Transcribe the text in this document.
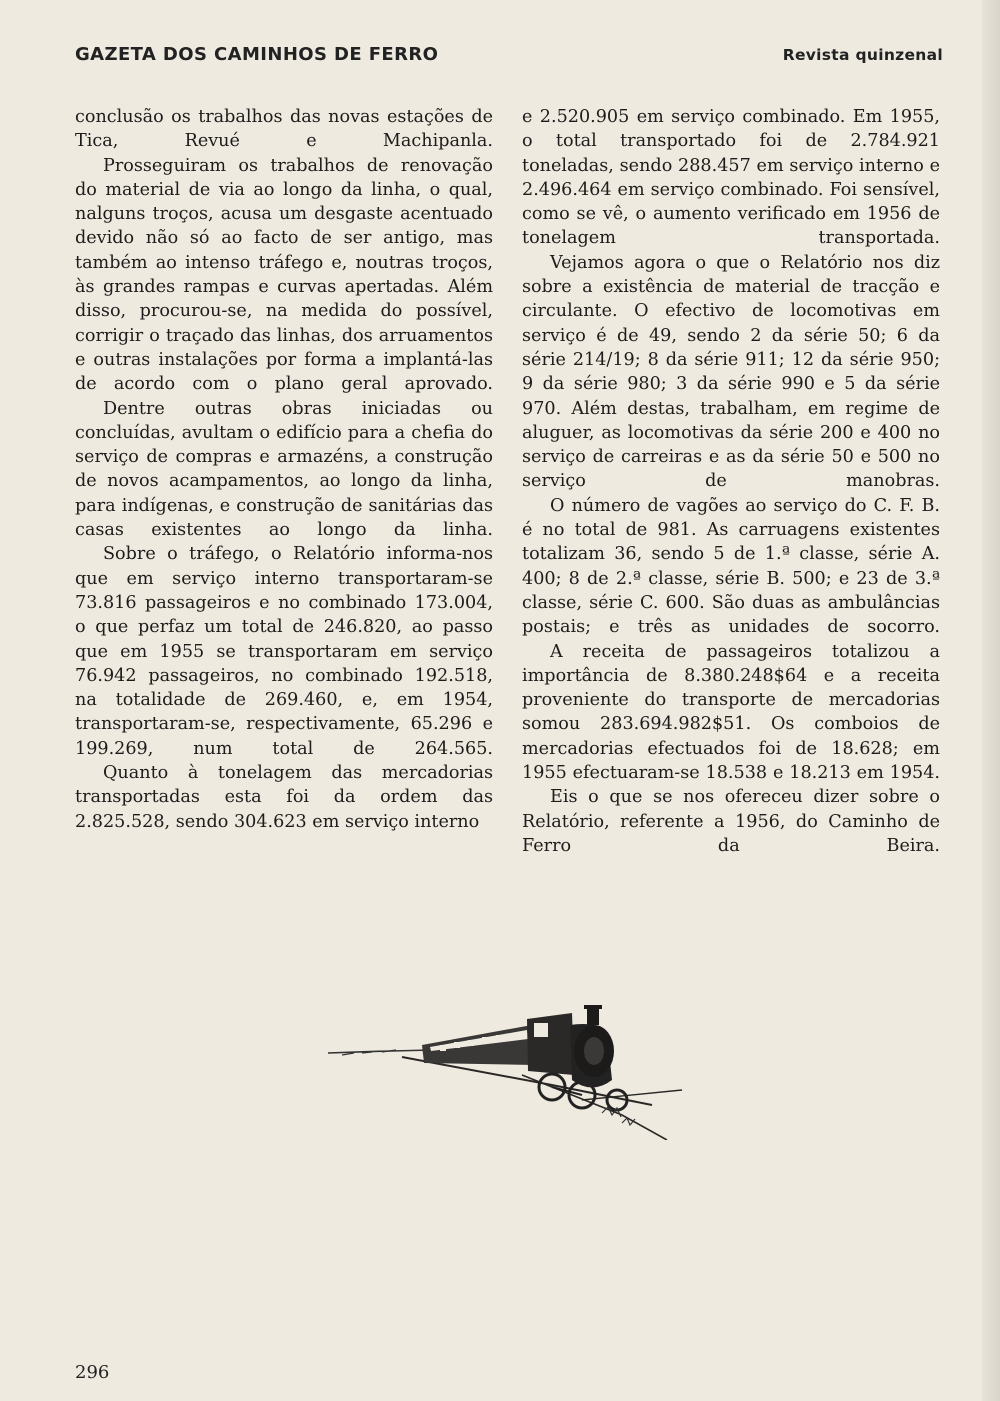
GAZETA DOS CAMINHOS DE FERRO	Revista quinzenal

conclusão os trabalhos das novas estações de Tica, Revué e Machipanla.

Prosseguiram os trabalhos de renovação do material de via ao longo da linha, o qual, nalguns troços, acusa um desgaste acentuado devido não só ao facto de ser antigo, mas também ao intenso tráfego e, noutras troços, às grandes rampas e curvas apertadas. Além disso, procurou-se, na medida do possível, corrigir o traçado das linhas, dos arruamentos e outras instalações por forma a implantá-las de acordo com o plano geral aprovado.

Dentre outras obras iniciadas ou concluídas, avultam o edifício para a chefia do serviço de compras e armazéns, a construção de novos acampamentos, ao longo da linha, para indígenas, e construção de sanitárias das casas existentes ao longo da linha.

Sobre o tráfego, o Relatório informa-nos que em serviço interno transportaram-se 73.816 passageiros e no combinado 173.004, o que perfaz um total de 246.820, ao passo que em 1955 se transportaram em serviço 76.942 passageiros, no combinado 192.518, na totalidade de 269.460, e, em 1954, transportaram-se, respectivamente, 65.296 e 199.269, num total de 264.565.

Quanto à tonelagem das mercadorias transportadas esta foi da ordem das 2.825.528, sendo 304.623 em serviço interno

e 2.520.905 em serviço combinado. Em 1955, o total transportado foi de 2.784.921 toneladas, sendo 288.457 em serviço interno e 2.496.464 em serviço combinado. Foi sensível, como se vê, o aumento verificado em 1956 de tonelagem transportada.

Vejamos agora o que o Relatório nos diz sobre a existência de material de tracção e circulante. O efectivo de locomotivas em serviço é de 49, sendo 2 da série 50; 6 da série 214/19; 8 da série 911; 12 da série 950; 9 da série 980; 3 da série 990 e 5 da série 970. Além destas, trabalham, em regime de aluguer, as locomotivas da série 200 e 400 no serviço de carreiras e as da série 50 e 500 no serviço de manobras.

O número de vagões ao serviço do C. F. B. é no total de 981. As carruagens existentes totalizam 36, sendo 5 de 1.ª classe, série A. 400; 8 de 2.ª classe, série B. 500; e 23 de 3.ª classe, série C. 600. São duas as ambulâncias postais; e três as unidades de socorro.

A receita de passageiros totalizou a importância de 8.380.248$64 e a receita proveniente do transporte de mercadorias somou 283.694.982$51. Os comboios de mercadorias efectuados foi de 18.628; em 1955 efectuaram-se 18.538 e 18.213 em 1954.

Eis o que se nos ofereceu dizer sobre o Relatório, referente a 1956, do Caminho de Ferro da Beira.

296
